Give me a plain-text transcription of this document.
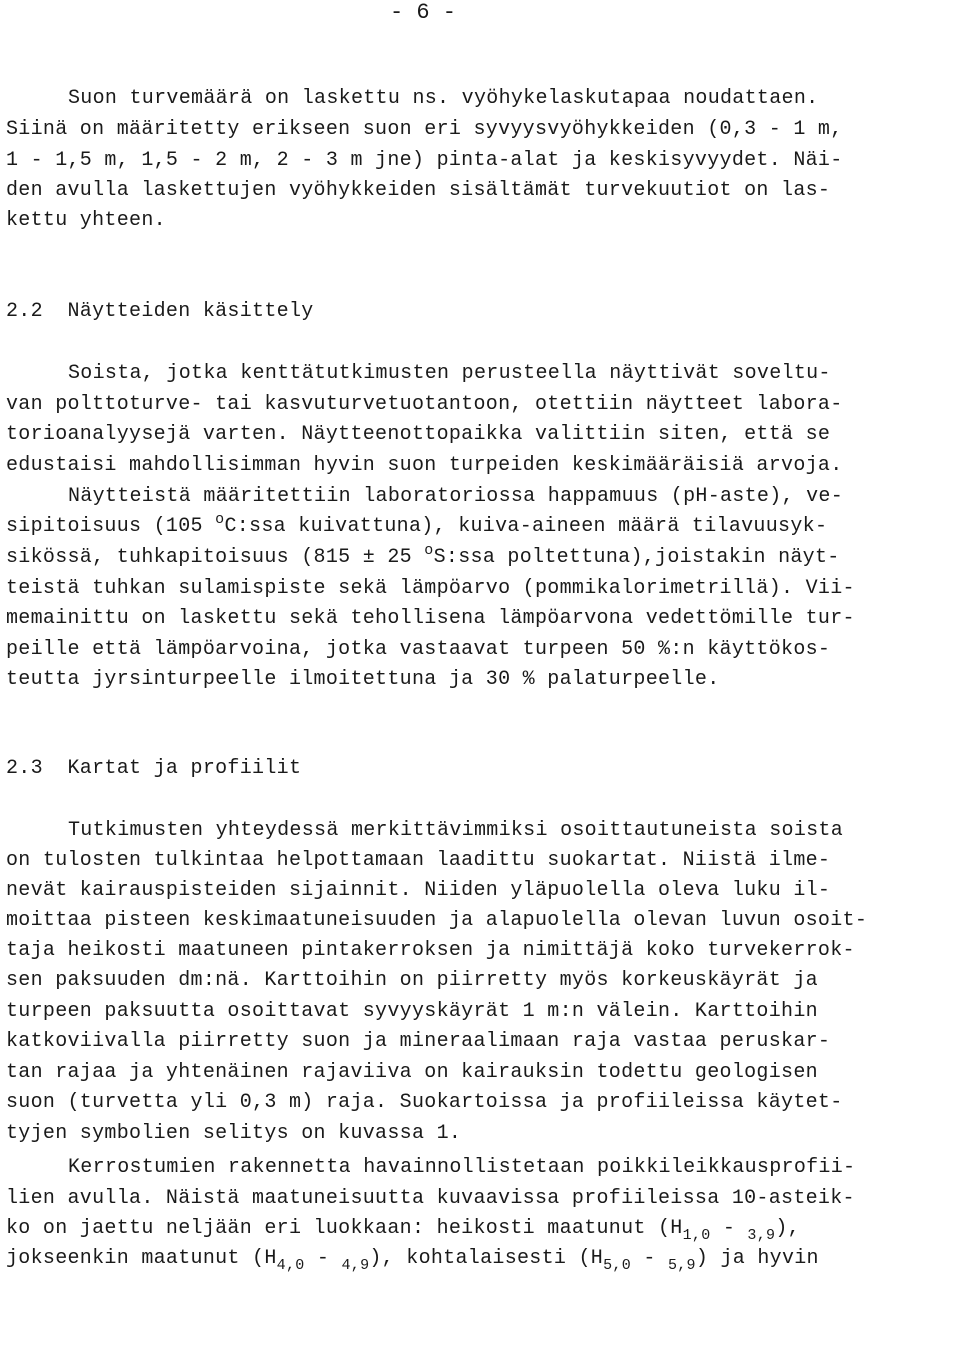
- 6 -
Suon turvemäärä on laskettu ns. vyöhykelaskutapaa noudattaen.
Siinä on määritetty erikseen suon eri syvyysvyöhykkeiden (0,3 - 1 m,
1 - 1,5 m, 1,5 - 2 m, 2 - 3 m jne) pinta-alat ja keskisyvyydet. Näi-
den avulla laskettujen vyöhykkeiden sisältämät turvekuutiot on las-
kettu yhteen.
2.2  Näytteiden käsittely
Soista, jotka kenttätutkimusten perusteella näyttivät soveltu-
van polttoturve- tai kasvuturvetuotantoon, otettiin näytteet labora-
torioanalyysejä varten. Näytteenottopaikka valittiin siten, että se
edustaisi mahdollisimman hyvin suon turpeiden keskimääräisiä arvoja.
Näytteistä määritettiin laboratoriossa happamuus (pH-aste), ve-
sipitoisuus (105 $^o$C:ssa kuivattuna), kuiva-aineen määrä tilavuusyk-
sikössä, tuhkapitoisuus (815 ± 25 $^o$S:ssa poltettuna),joistakin näyt-
teistä tuhkan sulamispiste sekä lämpöarvo (pommikalorimetrillä). Vii-
memainittu on laskettu sekä tehollisena lämpöarvona vedettömille tur-
peille että lämpöarvoina, jotka vastaavat turpeen 50 %:n käyttökos-
teutta jyrsinturpeelle ilmoitettuna ja 30 % palaturpeelle.
2.3  Kartat ja profiilit
Tutkimusten yhteydessä merkittävimmiksi osoittautuneista soista
on tulosten tulkintaa helpottamaan laadittu suokartat. Niistä ilme-
nevät kairauspisteiden sijainnit. Niiden yläpuolella oleva luku il-
moittaa pisteen keskimaatuneisuuden ja alapuolella olevan luvun osoit-
taja heikosti maatuneen pintakerroksen ja nimittäjä koko turvekerrok-
sen paksuuden dm:nä. Karttoihin on piirretty myös korkeuskäyrät ja
turpeen paksuutta osoittavat syvyyskäyrät 1 m:n välein. Karttoihin
katkoviivalla piirretty suon ja mineraalimaan raja vastaa peruskar-
tan rajaa ja yhtenäinen rajaviiva on kairauksin todettu geologisen
suon (turvetta yli 0,3 m) raja. Suokartoissa ja profiileissa käytet-
tyjen symbolien selitys on kuvassa 1.
Kerrostumien rakennetta havainnollistetaan poikkileikkausprofii-
lien avulla. Näistä maatuneisuutta kuvaavissa profiileissa 10-asteik-
ko on jaettu neljään eri luokkaan: heikosti maatunut $(H_{1,0} - _{3,9})$,
jokseenkin maatunut $(H_{4,0} - _{4,9})$, kohtalaisesti $(H_{5,0} - _{5,9})$ ja hyvin
